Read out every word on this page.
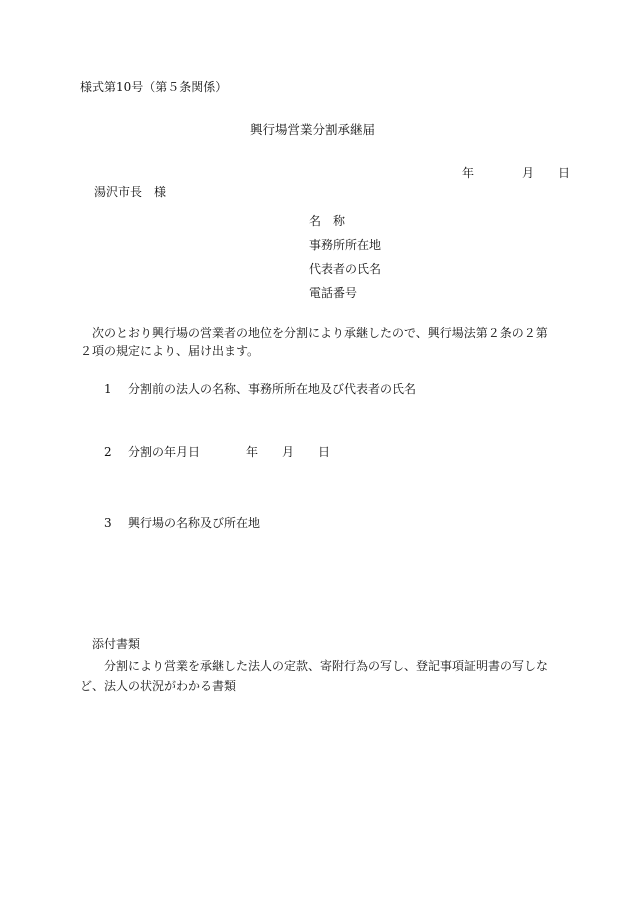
様式第10号（第５条関係）
興行場営業分割承継届
年	月 日
湯沢市長 様
名　称
事務所所在地
代表者の氏名
電話番号
次のとおり興行場の営業者の地位を分割により承継したので、興行場法第２条の２第２項の規定により、届け出ます。
1 分割前の法人の名称、事務所所在地及び代表者の氏名
2 分割の年月日	年 月 日
3 興行場の名称及び所在地
添付書類
分割により営業を承継した法人の定款、寄附行為の写し、登記事項証明書の写しなど、法人の状況がわかる書類
